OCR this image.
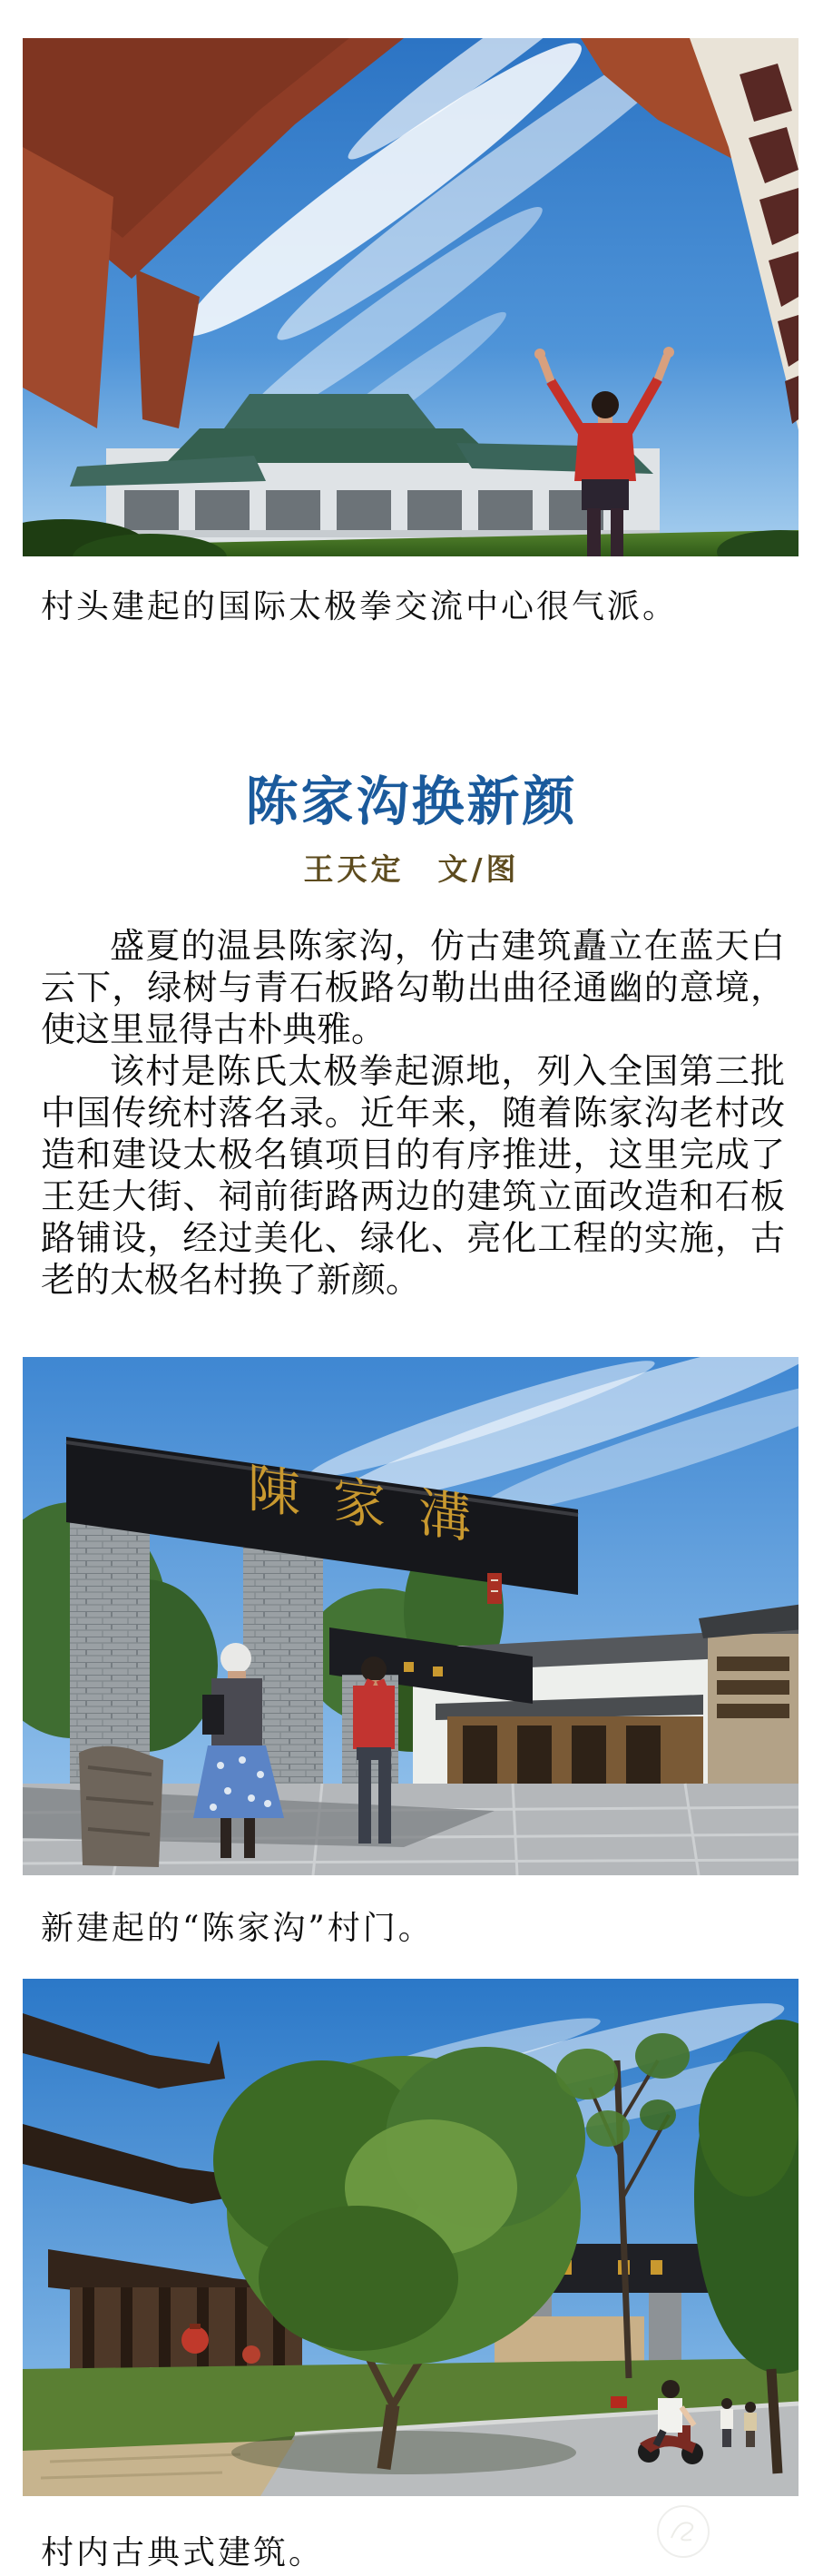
村头建起的国际太极拳交流中心很气派。
陈家沟换新颜
王天定　文/图

盛夏的温县陈家沟，仿古建筑矗立在蓝天白云下，绿树与青石板路勾勒出曲径通幽的意境，使这里显得古朴典雅。

该村是陈氏太极拳起源地，列入全国第三批中国传统村落名录。近年来，随着陈家沟老村改造和建设太极名镇项目的有序推进，这里完成了王廷大街、祠前街路两边的建筑立面改造和石板路铺设，经过美化、绿化、亮化工程的实施，古老的太极名村换了新颜。

陳 家 溝
新建起的“陈家沟”村门。
村内古典式建筑。
